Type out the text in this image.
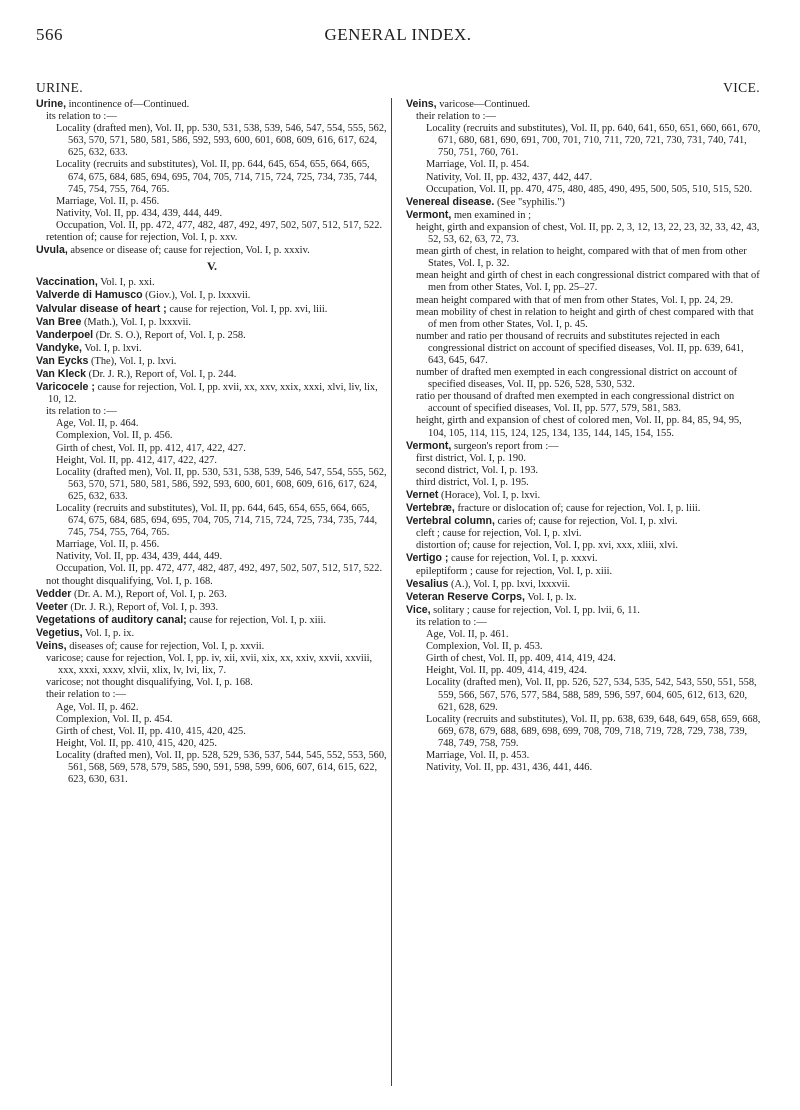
566	GENERAL INDEX.
URINE.	VICE.

Urine, incontinence of—Continued.

its relation to :—

Locality (drafted men), Vol. II, pp. 530, 531, 538, 539, 546, 547, 554, 555, 562, 563, 570, 571, 580, 581, 586, 592, 593, 600, 601, 608, 609, 616, 617, 624, 625, 632, 633.

Locality (recruits and substitutes), Vol. II, pp. 644, 645, 654, 655, 664, 665, 674, 675, 684, 685, 694, 695, 704, 705, 714, 715, 724, 725, 734, 735, 744, 745, 754, 755, 764, 765.

Marriage, Vol. II, p. 456.

Nativity, Vol. II, pp. 434, 439, 444, 449.

Occupation, Vol. II, pp. 472, 477, 482, 487, 492, 497, 502, 507, 512, 517, 522.

retention of; cause for rejection, Vol. I, p. xxv.

Uvula, absence or disease of; cause for rejection, Vol. I, p. xxxiv.

V.

Vaccination, Vol. I, p. xxi.

Valverde di Hamusco (Giov.), Vol. I, p. lxxxvii.

Valvular disease of heart ; cause for rejection, Vol. I, pp. xvi, liii.

Van Bree (Math.), Vol. I, p. lxxxvii.

Vanderpoel (Dr. S. O.), Report of, Vol. I, p. 258.

Vandyke, Vol. I, p. lxvi.

Van Eycks (The), Vol. I, p. lxvi.

Van Kleck (Dr. J. R.), Report of, Vol. I, p. 244.

Varicocele ; cause for rejection, Vol. I, pp. xvii, xx, xxv, xxix, xxxi, xlvi, liv, lix, 10, 12.

its relation to :—

Age, Vol. II, p. 464.

Complexion, Vol. II, p. 456.

Girth of chest, Vol. II, pp. 412, 417, 422, 427.

Height, Vol. II, pp. 412, 417, 422, 427.

Locality (drafted men), Vol. II, pp. 530, 531, 538, 539, 546, 547, 554, 555, 562, 563, 570, 571, 580, 581, 586, 592, 593, 600, 601, 608, 609, 616, 617, 624, 625, 632, 633.

Locality (recruits and substitutes), Vol. II, pp. 644, 645, 654, 655, 664, 665, 674, 675, 684, 685, 694, 695, 704, 705, 714, 715, 724, 725, 734, 735, 744, 745, 754, 755, 764, 765.

Marriage, Vol. II, p. 456.

Nativity, Vol. II, pp. 434, 439, 444, 449.

Occupation, Vol. II, pp. 472, 477, 482, 487, 492, 497, 502, 507, 512, 517, 522.

not thought disqualifying, Vol. I, p. 168.

Vedder (Dr. A. M.), Report of, Vol. I, p. 263.

Veeter (Dr. J. R.), Report of, Vol. I, p. 393.

Vegetations of auditory canal; cause for rejection, Vol. I, p. xiii.

Vegetius, Vol. I, p. ix.

Veins, diseases of; cause for rejection, Vol. I, p. xxvii.

varicose; cause for rejection, Vol. I, pp. iv, xii, xvii, xix, xx, xxiv, xxvii, xxviii, xxx, xxxi, xxxv, xlvii, xlix, lv, lvi, lix, 7.

varicose; not thought disqualifying, Vol. I, p. 168.

their relation to :—

Age, Vol. II, p. 462.

Complexion, Vol. II, p. 454.

Girth of chest, Vol. II, pp. 410, 415, 420, 425.

Height, Vol. II, pp. 410, 415, 420, 425.

Locality (drafted men), Vol. II, pp. 528, 529, 536, 537, 544, 545, 552, 553, 560, 561, 568, 569, 578, 579, 585, 590, 591, 598, 599, 606, 607, 614, 615, 622, 623, 630, 631.

Veins, varicose—Continued.

their relation to :—

Locality (recruits and substitutes), Vol. II, pp. 640, 641, 650, 651, 660, 661, 670, 671, 680, 681, 690, 691, 700, 701, 710, 711, 720, 721, 730, 731, 740, 741, 750, 751, 760, 761.

Marriage, Vol. II, p. 454.

Nativity, Vol. II, pp. 432, 437, 442, 447.

Occupation, Vol. II, pp. 470, 475, 480, 485, 490, 495, 500, 505, 510, 515, 520.

Venereal disease. (See "syphilis.")

Vermont, men examined in ;

height, girth and expansion of chest, Vol. II, pp. 2, 3, 12, 13, 22, 23, 32, 33, 42, 43, 52, 53, 62, 63, 72, 73.

mean girth of chest, in relation to height, compared with that of men from other States, Vol. I, p. 32.

mean height and girth of chest in each congressional district compared with that of men from other States, Vol. I, pp. 25–27.

mean height compared with that of men from other States, Vol. I, pp. 24, 29.

mean mobility of chest in relation to height and girth of chest compared with that of men from other States, Vol. I, p. 45.

number and ratio per thousand of recruits and substitutes rejected in each congressional district on account of specified diseases, Vol. II, pp. 639, 641, 643, 645, 647.

number of drafted men exempted in each congressional district on account of specified diseases, Vol. II, pp. 526, 528, 530, 532.

ratio per thousand of drafted men exempted in each congressional district on account of specified diseases, Vol. II, pp. 577, 579, 581, 583.

height, girth and expansion of chest of colored men, Vol. II, pp. 84, 85, 94, 95, 104, 105, 114, 115, 124, 125, 134, 135, 144, 145, 154, 155.

Vermont, surgeon's report from :—

first district, Vol. I, p. 190.

second district, Vol. I, p. 193.

third district, Vol. I, p. 195.

Vernet (Horace), Vol. I, p. lxvi.

Vertebræ, fracture or dislocation of; cause for rejection, Vol. I, p. liii.

Vertebral column, caries of; cause for rejection, Vol. I, p. xlvi.

cleft ; cause for rejection, Vol. I, p. xlvi.

distortion of; cause for rejection, Vol. I, pp. xvi, xxx, xliii, xlvi.

Vertigo ; cause for rejection, Vol. I, p. xxxvi.

epileptiform ; cause for rejection, Vol. I, p. xiii.

Vesalius (A.), Vol. I, pp. lxvi, lxxxvii.

Veteran Reserve Corps, Vol. I, p. lx.

Vice, solitary ; cause for rejection, Vol. I, pp. lvii, 6, 11.

its relation to :—

Age, Vol. II, p. 461.

Complexion, Vol. II, p. 453.

Girth of chest, Vol. II, pp. 409, 414, 419, 424.

Height, Vol. II, pp. 409, 414, 419, 424.

Locality (drafted men), Vol. II, pp. 526, 527, 534, 535, 542, 543, 550, 551, 558, 559, 566, 567, 576, 577, 584, 588, 589, 596, 597, 604, 605, 612, 613, 620, 621, 628, 629.

Locality (recruits and substitutes), Vol. II, pp. 638, 639, 648, 649, 658, 659, 668, 669, 678, 679, 688, 689, 698, 699, 708, 709, 718, 719, 728, 729, 738, 739, 748, 749, 758, 759.

Marriage, Vol. II, p. 453.

Nativity, Vol. II, pp. 431, 436, 441, 446.
